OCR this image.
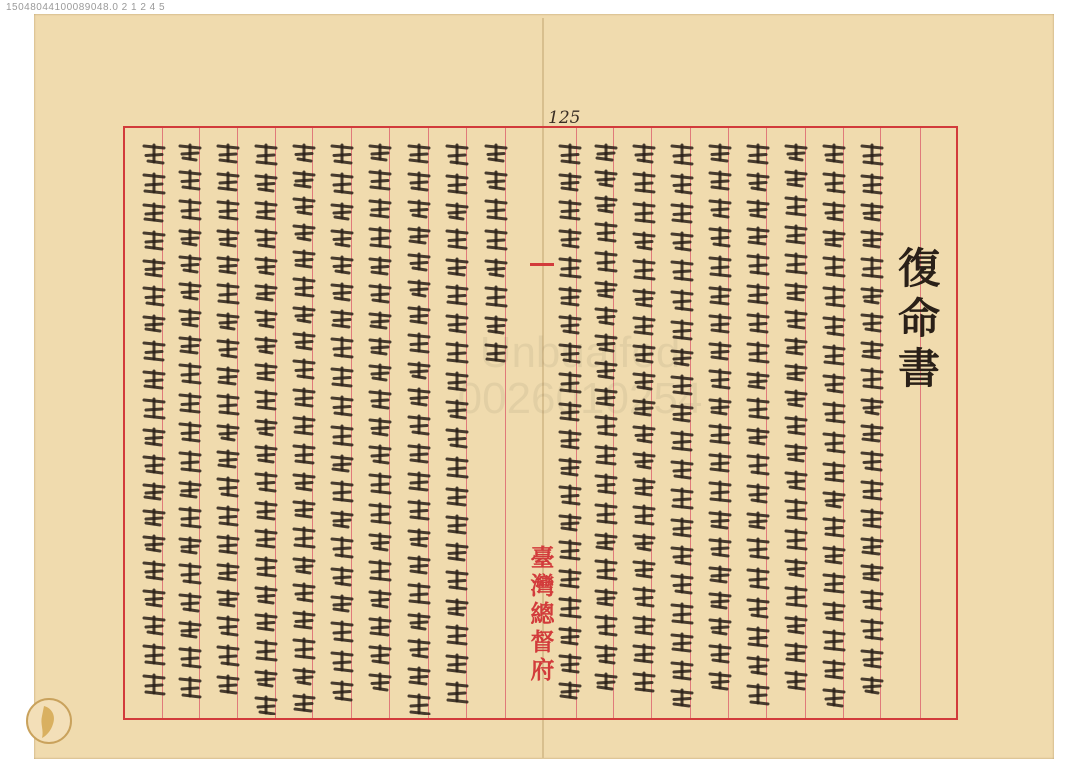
15048044100089048.0 2 1 2 4 5
復命書
125
臺灣總督府
Unbuaifed
0026010254
